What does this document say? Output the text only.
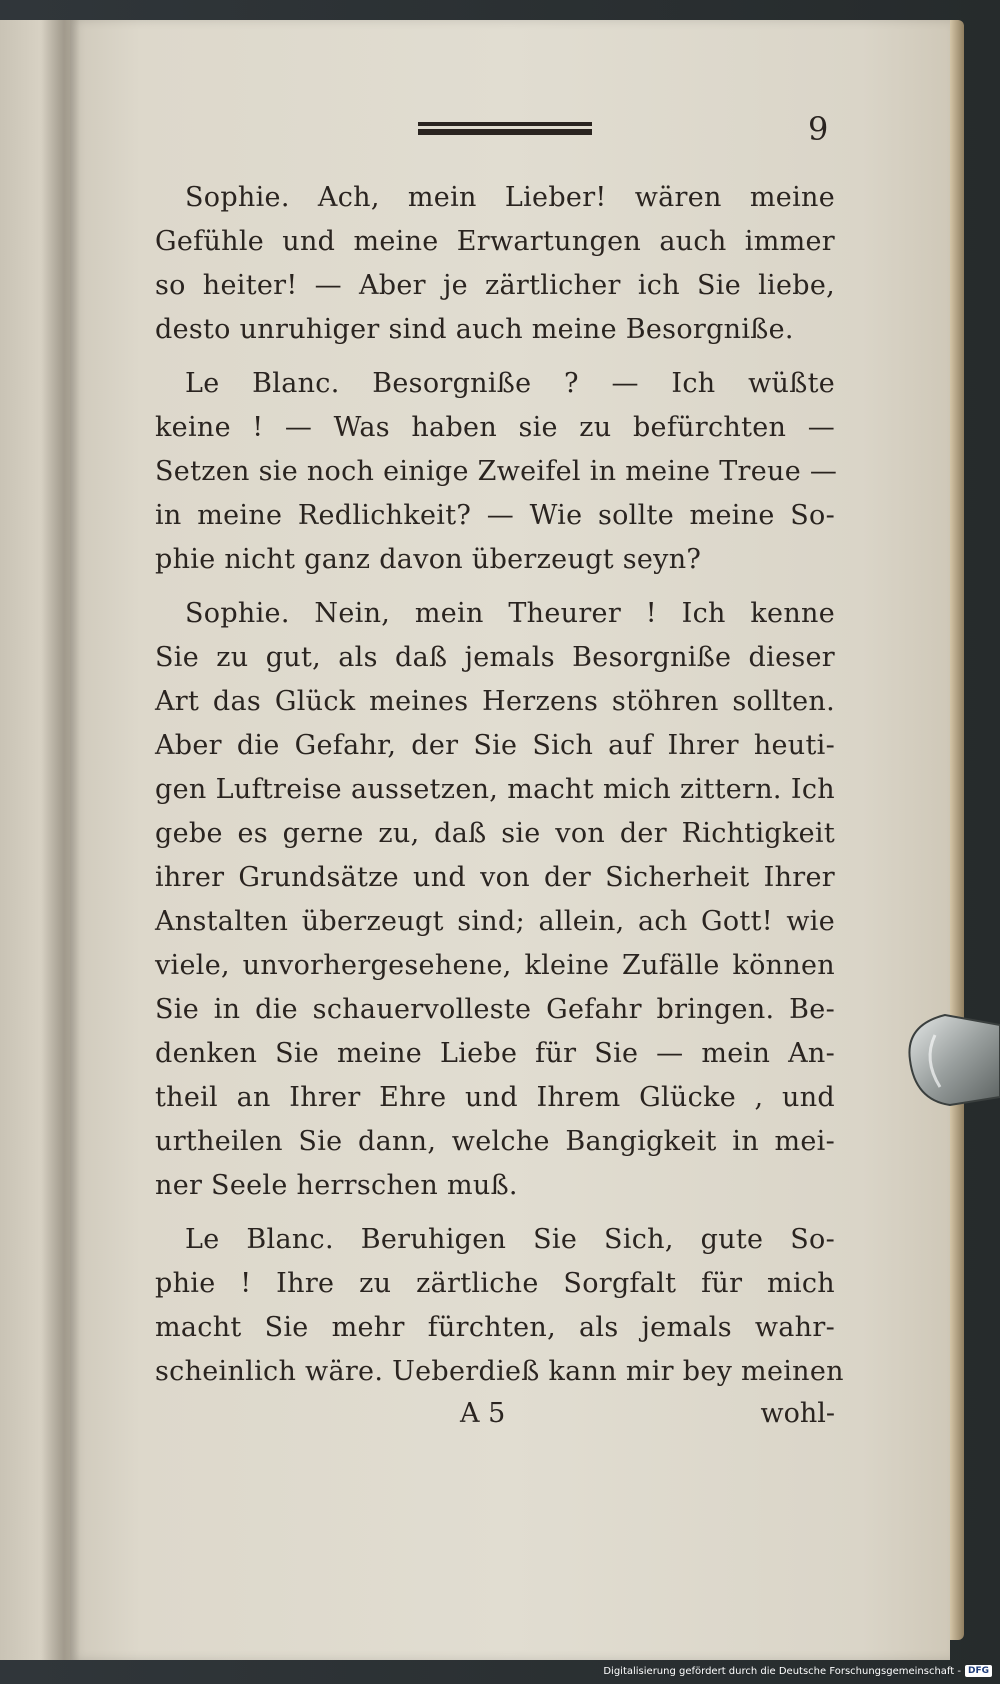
9
Sophie. Ach, mein Lieber! wären meine
Gefühle und meine Erwartungen auch immer
so heiter! — Aber je zärtlicher ich Sie liebe,
desto unruhiger sind auch meine Besorgniße.
Le Blanc. Besorgniße ? — Ich wüßte
keine ! — Was haben sie zu befürchten —
Setzen sie noch einige Zweifel in meine Treue —
in meine Redlichkeit? — Wie sollte meine So-
phie nicht ganz davon überzeugt seyn?
Sophie. Nein, mein Theurer ! Ich kenne
Sie zu gut, als daß jemals Besorgniße dieser
Art das Glück meines Herzens stöhren sollten.
Aber die Gefahr, der Sie Sich auf Ihrer heuti-
gen Luftreise aussetzen, macht mich zittern. Ich
gebe es gerne zu, daß sie von der Richtigkeit
ihrer Grundsätze und von der Sicherheit Ihrer
Anstalten überzeugt sind; allein, ach Gott! wie
viele, unvorhergesehene, kleine Zufälle können
Sie in die schauervolleste Gefahr bringen. Be-
denken Sie meine Liebe für Sie — mein An-
theil an Ihrer Ehre und Ihrem Glücke , und
urtheilen Sie dann, welche Bangigkeit in mei-
ner Seele herrschen muß.
Le Blanc. Beruhigen Sie Sich, gute So-
phie ! Ihre zu zärtliche Sorgfalt für mich
macht Sie mehr fürchten, als jemals wahr-
scheinlich wäre. Ueberdieß kann mir bey meinen
A 5	wohl-
Digitalisierung gefördert durch die Deutsche Forschungsgemeinschaft - DFG
